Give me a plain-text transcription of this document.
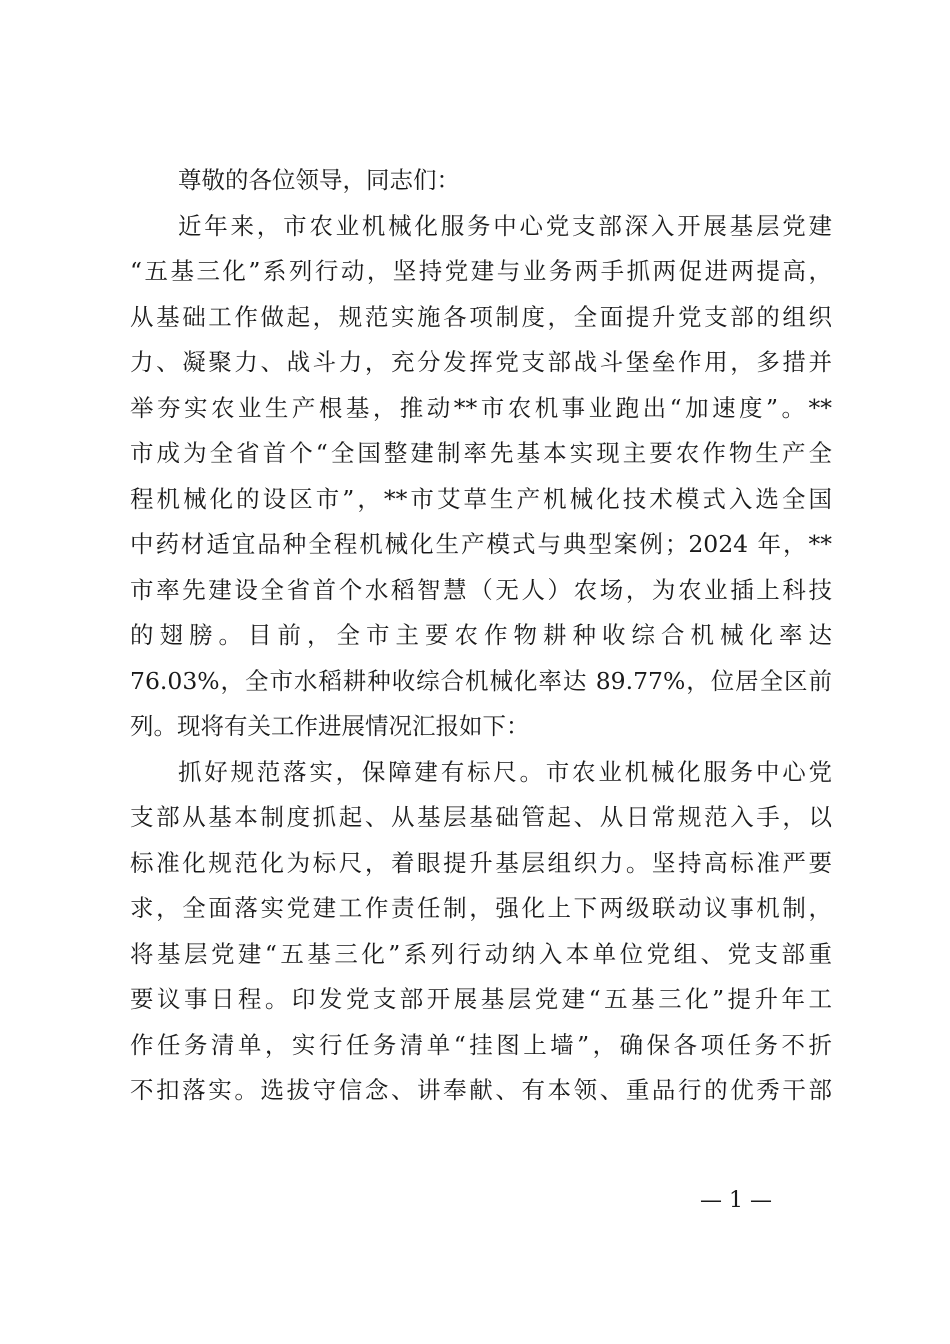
尊敬的各位领导，同志们：
近年来，市农业机械化服务中心党支部深入开展基层党建
“五基三化”系列行动，坚持党建与业务两手抓两促进两提高，
从基础工作做起，规范实施各项制度，全面提升党支部的组织
力、凝聚力、战斗力，充分发挥党支部战斗堡垒作用，多措并
举夯实农业生产根基，推动**市农机事业跑出“加速度”。**
市成为全省首个“全国整建制率先基本实现主要农作物生产全
程机械化的设区市”，**市艾草生产机械化技术模式入选全国
中药材适宜品种全程机械化生产模式与典型案例；2024 年，**
市率先建设全省首个水稻智慧（无人）农场，为农业插上科技
的翅膀。目前，全市主要农作物耕种收综合机械化率达
76.03%，全市水稻耕种收综合机械化率达 89.77%，位居全区前
列。现将有关工作进展情况汇报如下：
抓好规范落实，保障建有标尺。市农业机械化服务中心党
支部从基本制度抓起、从基层基础管起、从日常规范入手，以
标准化规范化为标尺，着眼提升基层组织力。坚持高标准严要
求，全面落实党建工作责任制，强化上下两级联动议事机制，
将基层党建“五基三化”系列行动纳入本单位党组、党支部重
要议事日程。印发党支部开展基层党建“五基三化”提升年工
作任务清单，实行任务清单“挂图上墙”，确保各项任务不折
不扣落实。选拔守信念、讲奉献、有本领、重品行的优秀干部
— 1 —
